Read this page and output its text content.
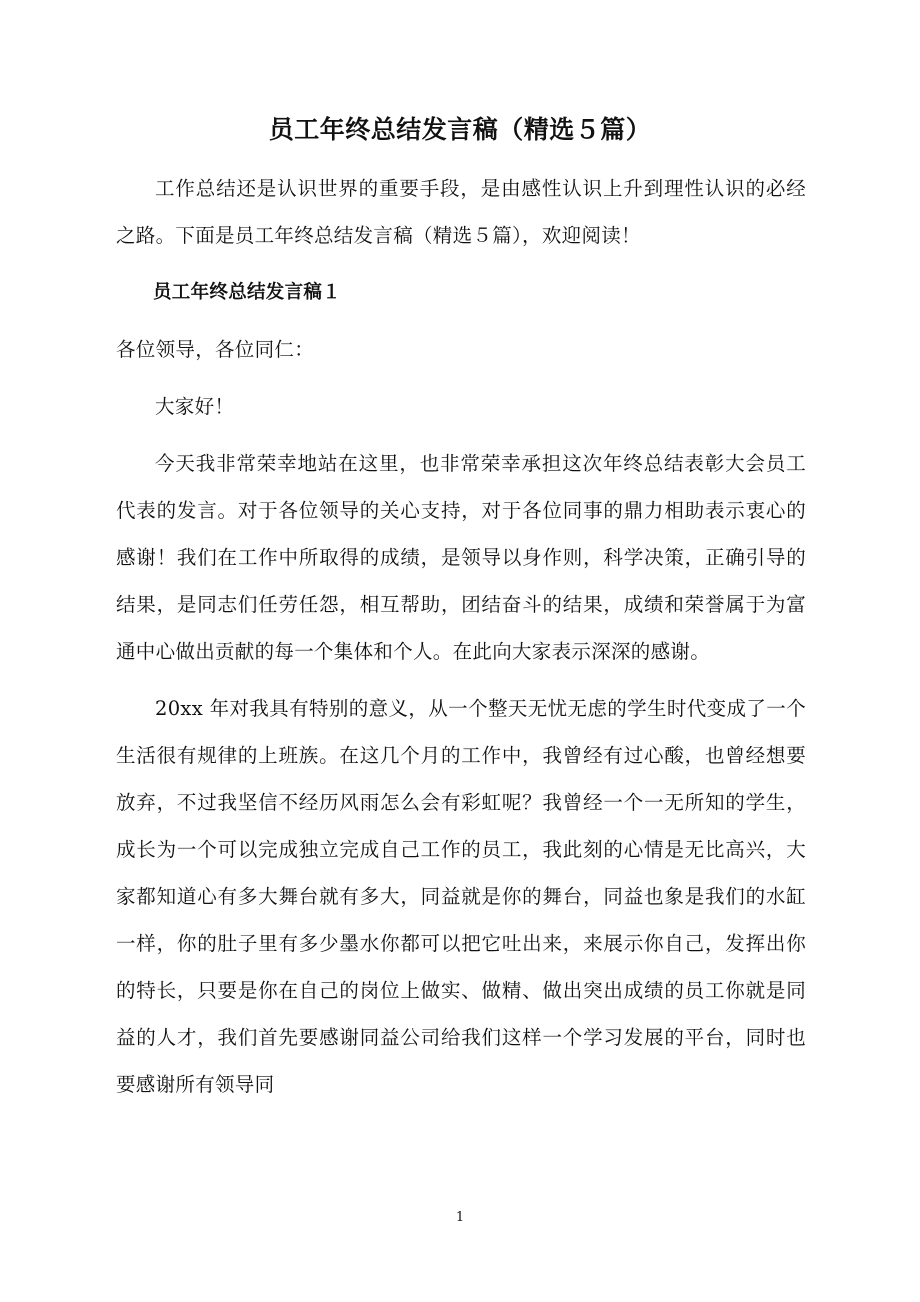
员工年终总结发言稿（精选５篇）

工作总结还是认识世界的重要手段，是由感性认识上升到理性认识的必经之路。下面是员工年终总结发言稿（精选５篇），欢迎阅读！

员工年终总结发言稿１

各位领导，各位同仁：

大家好！

今天我非常荣幸地站在这里，也非常荣幸承担这次年终总结表彰大会员工代表的发言。对于各位领导的关心支持，对于各位同事的鼎力相助表示衷心的感谢！我们在工作中所取得的成绩，是领导以身作则，科学决策，正确引导的结果，是同志们任劳任怨，相互帮助，团结奋斗的结果，成绩和荣誉属于为富通中心做出贡献的每一个集体和个人。在此向大家表示深深的感谢。

20xx 年对我具有特别的意义，从一个整天无忧无虑的学生时代变成了一个生活很有规律的上班族。在这几个月的工作中，我曾经有过心酸，也曾经想要放弃，不过我坚信不经历风雨怎么会有彩虹呢？我曾经一个一无所知的学生，成长为一个可以完成独立完成自己工作的员工，我此刻的心情是无比高兴，大家都知道心有多大舞台就有多大，同益就是你的舞台，同益也象是我们的水缸一样，你的肚子里有多少墨水你都可以把它吐出来，来展示你自己，发挥出你的特长，只要是你在自己的岗位上做实、做精、做出突出成绩的员工你就是同益的人才，我们首先要感谢同益公司给我们这样一个学习发展的平台，同时也要感谢所有领导同

1
